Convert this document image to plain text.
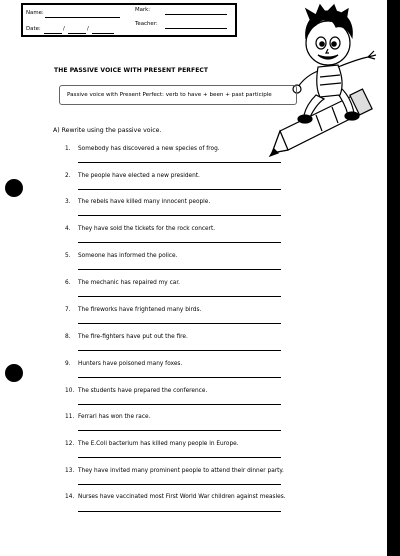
Name:	Mark:
Teacher:
Date:	/	/
THE PASSIVE VOICE WITH PRESENT PERFECT
Passive voice with Present Perfect: verb to have + been + past participle
A) Rewrite using the passive voice.
1. Somebody has discovered a new species of frog.
2. The people have elected a new president.
3. The rebels have killed many innocent people.
4. They have sold the tickets for the rock concert.
5. Someone has informed the police.
6. The mechanic has repaired my car.
7. The fireworks have frightened many birds.
8. The fire-fighters have put out the fire.
9. Hunters have poisoned many foxes.
10. The students have prepared the conference.
11. Ferrari has won the race.
12. The E.Coli bacterium has killed many people in Europe.
13. They have invited many prominent people to attend their dinner party.
14. Nurses have vaccinated most First World War children against measles.
